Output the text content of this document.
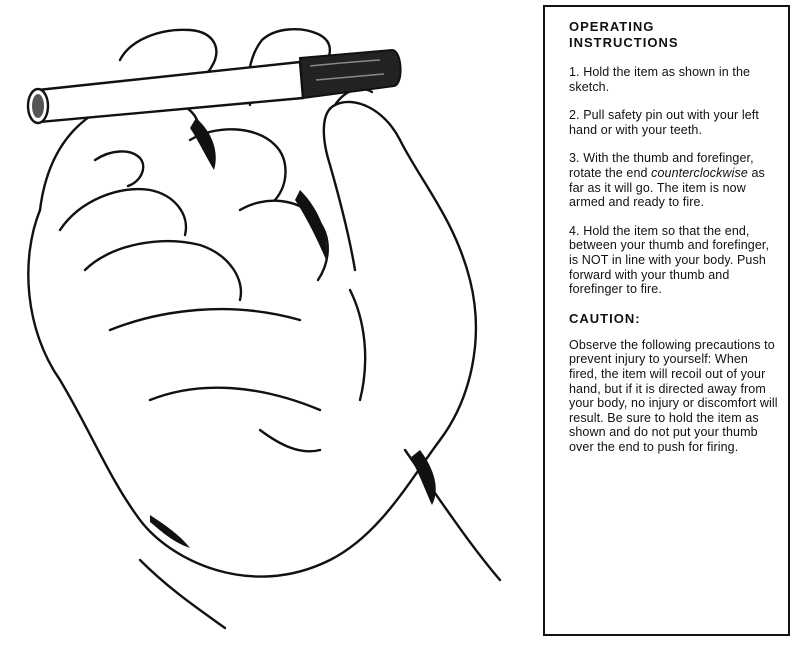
OPERATING
INSTRUCTIONS

1. Hold the item as shown in the sketch.

2. Pull safety pin out with your left hand or with your teeth.

3. With the thumb and forefinger, rotate the end counterclockwise as far as it will go. The item is now armed and ready to fire.

4. Hold the item so that the end, between your thumb and forefinger, is NOT in line with your body. Push forward with your thumb and forefinger to fire.

CAUTION:

Observe the following precautions to prevent injury to yourself: When fired, the item will recoil out of your hand, but if it is directed away from your body, no injury or discomfort will result. Be sure to hold the item as shown and do not put your thumb over the end to push for firing.
